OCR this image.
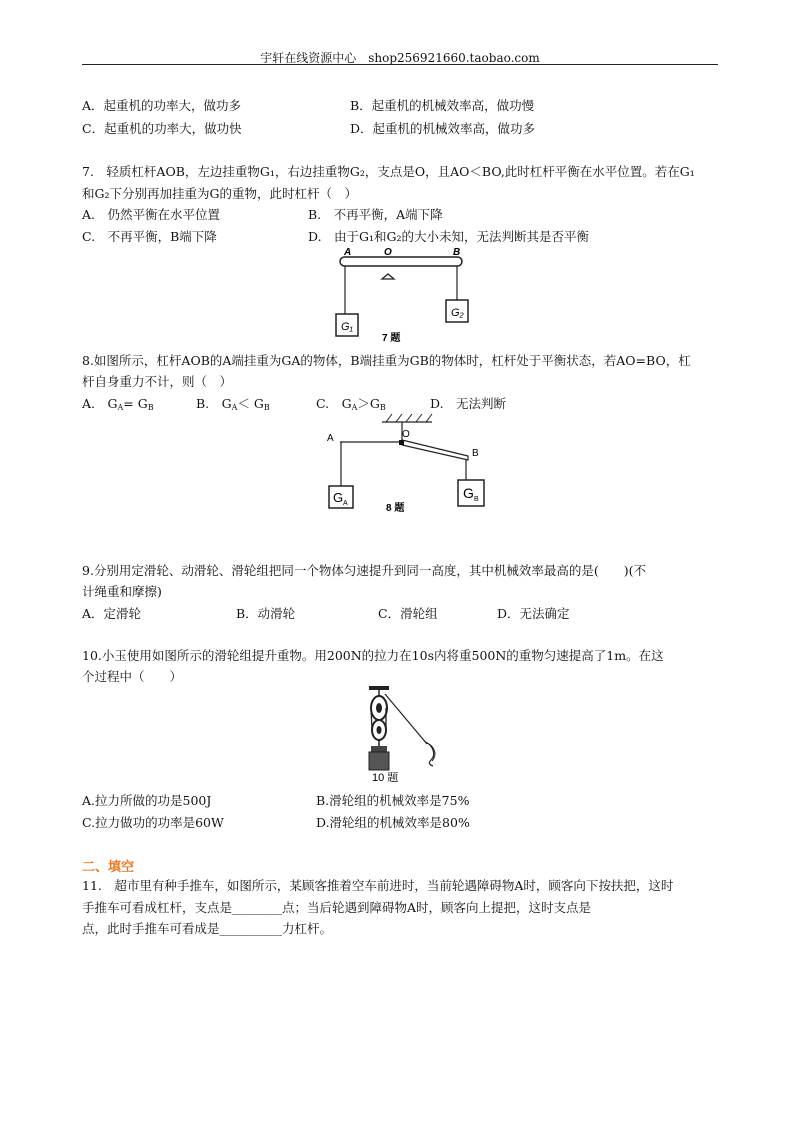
宇轩在线资源中心　shop256921660.taobao.com
A．起重机的功率大，做功多	B．起重机的机械效率高，做功慢
C．起重机的功率大，做功快	D．起重机的机械效率高，做功多
7.　轻质杠杆AOB，左边挂重物G₁，右边挂重物G₂，支点是O，且AO＜BO,此时杠杆平衡在水平位置。若在G₁
和G₂下分别再加挂重为G的重物，此时杠杆（　）
A.　仍然平衡在水平位置	B.　不再平衡，A端下降
C.　不再平衡，B端下降	D.　由于G₁和G₂的大小未知，无法判断其是否平衡
A	O	B
G₁
G₂
7 题
8.如图所示，杠杆AOB的A端挂重为GA的物体，B端挂重为GB的物体时，杠杆处于平衡状态，若AO=BO，杠
杆自身重力不计，则（　）
A.　$G_A= G_B$	B.　$G_A< G_B$	C.　$G_A>G_B$	D.　无法判断
A	O
B
G A
G B
8 题
9.分别用定滑轮、动滑轮、滑轮组把同一个物体匀速提升到同一高度，其中机械效率最高的是(　　)(不
计绳重和摩擦)
A．定滑轮	B．动滑轮	C．滑轮组	D．无法确定
10.小玉使用如图所示的滑轮组提升重物。用200N的拉力在10s内将重500N的重物匀速提高了1m。在这
个过程中（　　）
10 题
A.拉力所做的功是500J	B.滑轮组的机械效率是75%
C.拉力做功的功率是60W	D.滑轮组的机械效率是80%
二、填空
11.　超市里有种手推车，如图所示，某顾客推着空车前进时，当前轮遇障碍物A时，顾客向下按扶把，这时
手推车可看成杠杆，支点是________点；当后轮遇到障碍物A时，顾客向上提把，这时支点是
点，此时手推车可看成是__________力杠杆。
